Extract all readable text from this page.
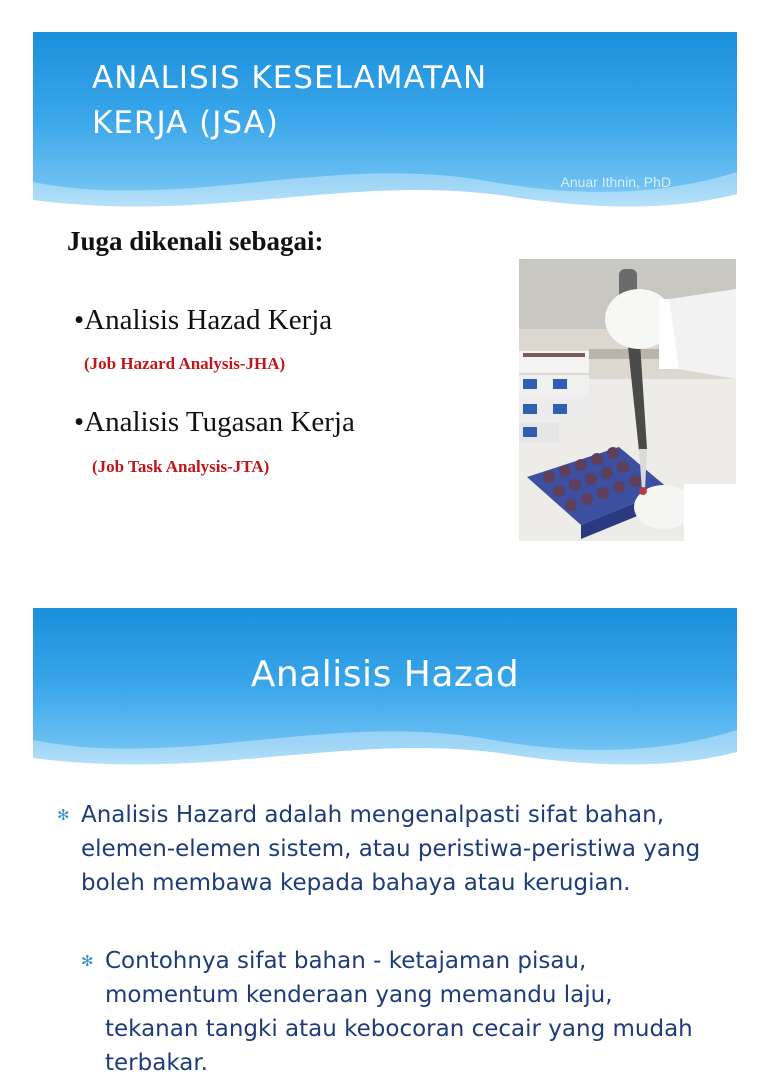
ANALISIS KESELAMATAN
KERJA (JSA)
Anuar Ithnin, PhD

Juga dikenali sebagai:

•Analisis Hazad Kerja

(Job Hazard Analysis-JHA)

•Analisis Tugasan Kerja

(Job Task Analysis-JTA)

Analisis Hazad
✻ Analisis Hazard adalah mengenalpasti sifat bahan, elemen-elemen sistem, atau peristiwa-peristiwa yang boleh membawa kepada bahaya atau kerugian.

✻ Contohnya sifat bahan - ketajaman pisau, momentum kenderaan yang memandu laju, tekanan tangki atau kebocoran cecair yang mudah terbakar.
